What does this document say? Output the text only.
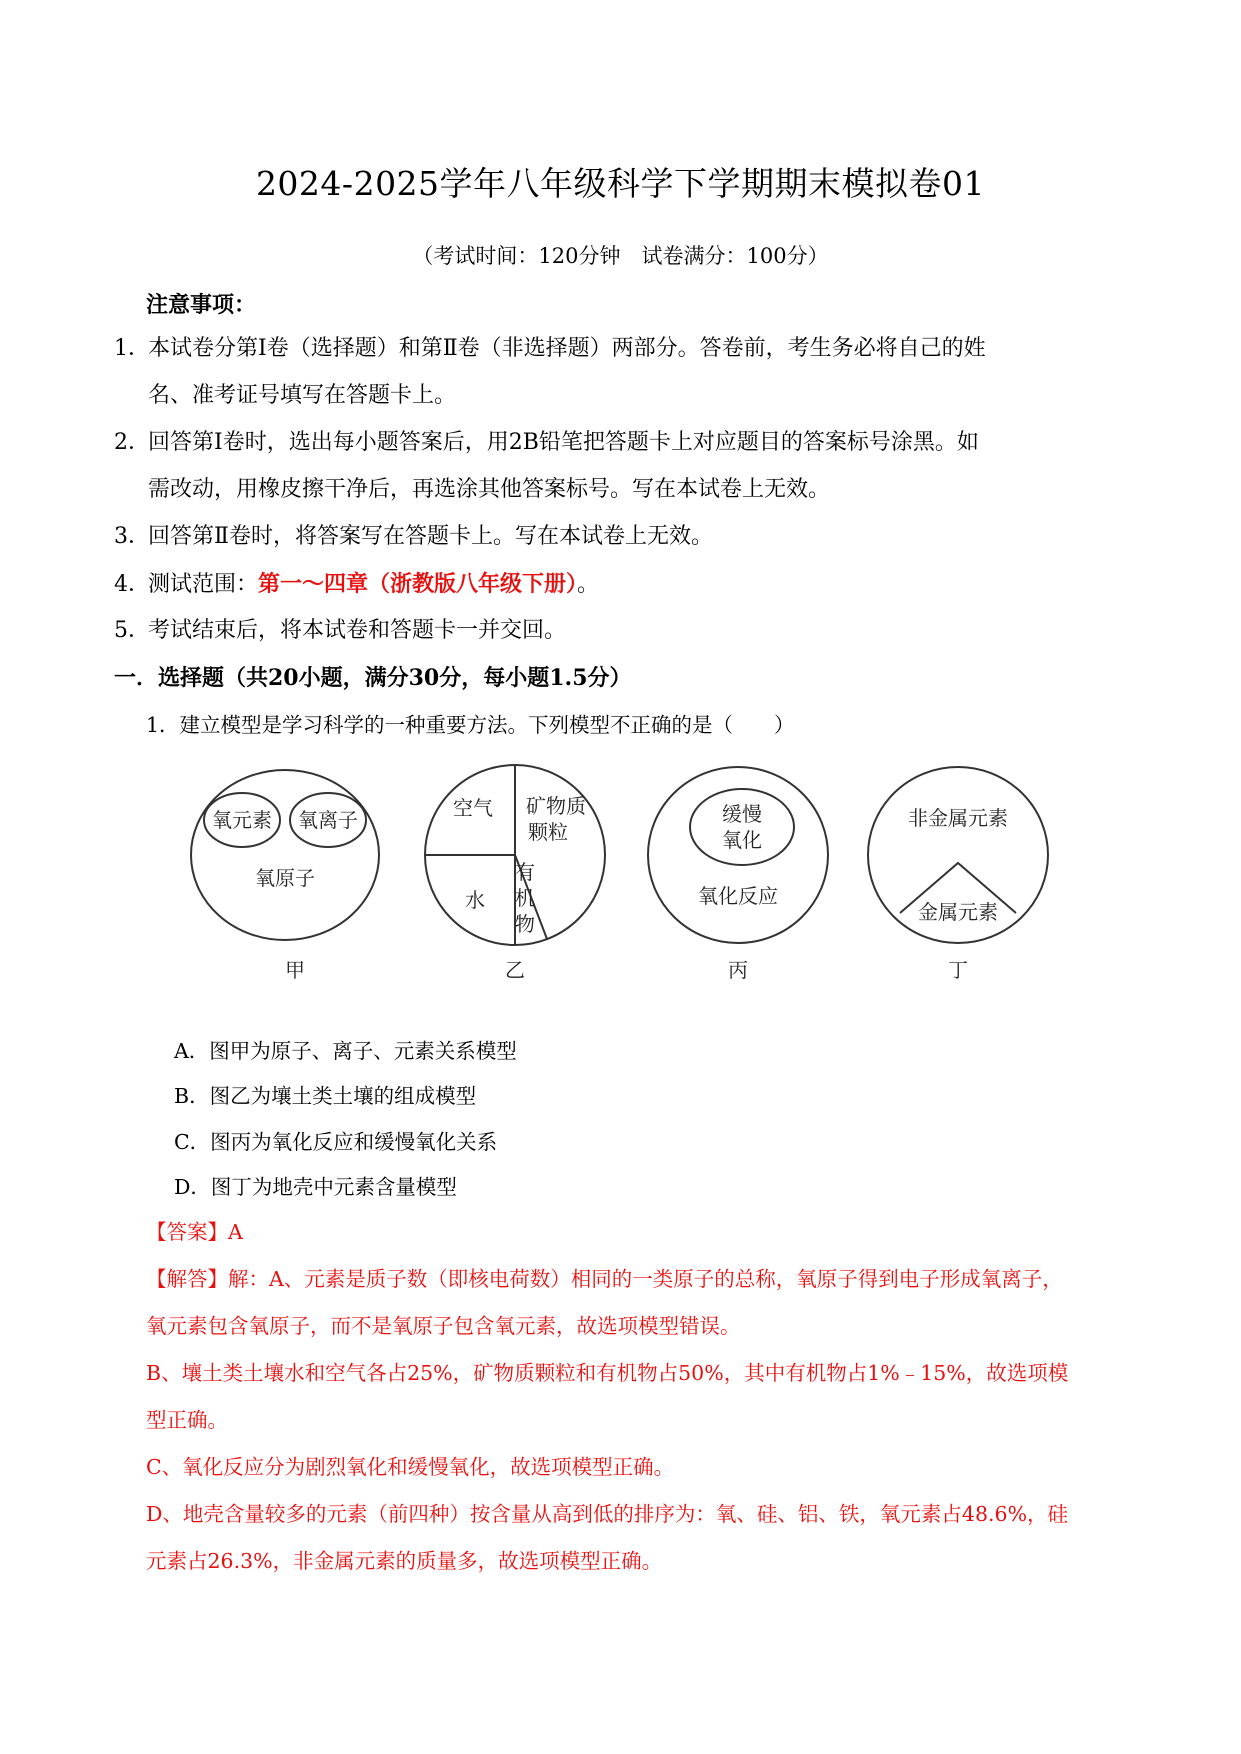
2024-2025学年八年级科学下学期期末模拟卷01
（考试时间：120分钟　试卷满分：100分）
注意事项：
1．本试卷分第Ⅰ卷（选择题）和第Ⅱ卷（非选择题）两部分。答卷前，考生务必将自己的姓
名、准考证号填写在答题卡上。
2．回答第Ⅰ卷时，选出每小题答案后，用2B铅笔把答题卡上对应题目的答案标号涂黑。如
需改动，用橡皮擦干净后，再选涂其他答案标号。写在本试卷上无效。
3．回答第Ⅱ卷时，将答案写在答题卡上。写在本试卷上无效。
4．测试范围：第一～四章（浙教版八年级下册）。
5．考试结束后，将本试卷和答题卡一并交回。
一．选择题（共20小题，满分30分，每小题1.5分）
1．建立模型是学习科学的一种重要方法。下列模型不正确的是（　　）
氧元素 氧离子
氧原子
甲
空气 矿物质
颗粒
水
有
机
物
乙
缓慢
氧化
氧化反应
丙
非金属元素
金属元素
丁
A．图甲为原子、离子、元素关系模型
B．图乙为壤土类土壤的组成模型
C．图丙为氧化反应和缓慢氧化关系
D．图丁为地壳中元素含量模型
【答案】A
【解答】解：A、元素是质子数（即核电荷数）相同的一类原子的总称，氧原子得到电子形成氧离子，
氧元素包含氧原子，而不是氧原子包含氧元素，故选项模型错误。
B、壤土类土壤水和空气各占25%，矿物质颗粒和有机物占50%，其中有机物占1%﹣15%，故选项模
型正确。
C、氧化反应分为剧烈氧化和缓慢氧化，故选项模型正确。
D、地壳含量较多的元素（前四种）按含量从高到低的排序为：氧、硅、铝、铁，氧元素占48.6%，硅
元素占26.3%，非金属元素的质量多，故选项模型正确。
